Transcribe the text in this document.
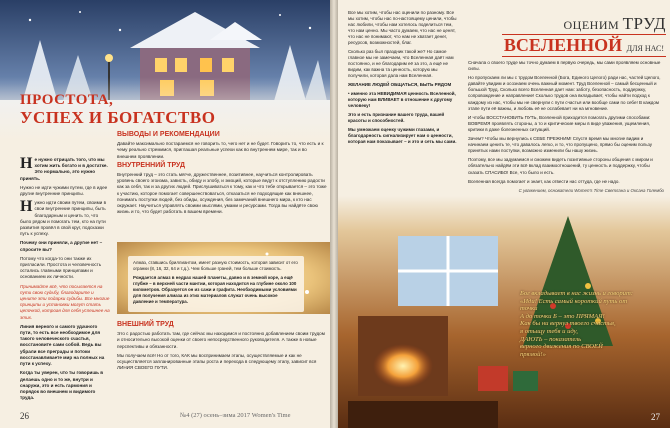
ПРОСТОТА,
УСПЕХ И БОГАТСТВО

Не нужно отрицать того, что мы хотим жить богато и в достатке. Это нормально, это нужно принять.

Нужно не идти чужими путем, где в идее другие внутренние принципы.

Нужно идти своим путем, своими в свои внутренние принципы, быть благодарным и ценить то, что было рядом и помогать тем, кто на пути развития провёл в свой круг, подсказки путь к успеху.

Почему они приняли, а другие нет – спросите вы?

Потому что когда-то они также их пригласили. Простота и человечность остались главными принципами и основанием их личности.

Принимайте всё, что посылается на пути свою судьбу, благодарите и цените эти подарки судьбы. Все многие принципы и установки могут стать цепочкой, котроая для себя успешнее на этих.

Линия верного и самого удачного пути, то есть все необходимое для такого человеческого счастья, восстановите сами собой. Ведь вы убрали все преграды и потоки восстанавливаете мир на полных на пути к успеху.

Когда ты уверен, что ты говоришь в делаешь одно и то же, внутри и снаружи, это и есть гармония и порядок во внешнем и видимого труда.

ВЫВОДЫ И РЕКОМЕНДАЦИИ

Давайте максимально постараемся не говорить то, чего нет и не будет. Говорить то, что есть и к чему реально стремимся, приглашая реальные успехи как во внутреннем мире, так и во внешнем проявлении.

ВНУТРЕННИЙ ТРУД

Внутренний труд – это стать мягче, дружественнее, позитивнее, научиться контролировать уровень своего эгоизма, зависть, обиду и злобу, и эмоций, которые ведут к отступлению радости как за себя, так и за других людей. Прислушиваться к тому, как и что тебе открывается – это тоже к участию, которое помогает совершенствоваться, отказаться не подходящие как внешнее, понимать поступки людей, без обиды, осуждения, без замечаний внешнего мира, к кто нас окружает. Научиться управлять своими мыслями, умами и ресурсами. Тогда вы найдёте свою жизнь и то, что будет работать в вашем времени.

Алмаз, ставшись бриллиантом, имеет разную стоимость, которая зависит от его огранки (8, 16, 32, 64 и т.д.). Чем больше граней, тем больше стоимость.

Рождается алмаз в недрах нашей планеты, давно и в земной коре, а ещё глубже – в верхней части мантии, которая находится на глубине около 100 километров. Образуется он из сажи и графита. Необходимыми условиями для получения алмаза из этих материалов служат очень высокое давление и температура.

ВНЕШНИЙ ТРУД

Это с радостью работать там, где сейчас мы находимся и постоянно добавлением своим трудом и относительно высокой оценки от своего непосредственного руководителя. А также в новые перспективы и обязанности.

Мы получаем всё! Но от того, КАК мы воспринимаем этапы, осуществляемые и как не осуществляется запланированные этапы роста и перехода в следующему этапу, зависит вся ЛИНИЯ СВОЕГО ПУТИ.

26	№4 (27) осень–зима 2017 Women's Time

Все мы хотим, чтобы нас оценили по разному. Все мы хотим, чтобы нас по-настоящему ценили, чтобы нас любили, чтобы нам хотелось поделиться тем, что нам ценно. Мы часто думаем, что нас не ценят, что нас не понимают, что нам не хватает денег, ресурсов, возможностей, благ.

Сколько раз был праздник такой же? Но самое главное мы не замечаем, что Вселенная даёт нам постоянно, и не благодарим её за это, а ещё не видим, как важна та ценность, которую мы получили, которая дала нам Вселенная.

ЖЕЛАНИЕ ЛЮДЕЙ ОБЩАТЬСЯ, БЫТЬ РЯДОМ

• именно эта НЕВИДИМАЯ ценность Вселенной, которую нам ВЛИВАЕТ в отношение к другому человеку!

Это и есть признание вашего труда, вашей красоты и способностей.

Мы умножаем оценку чужими глазами, и благодарность сигнализирует нам о ценности, которая нам показывает – и это и сеть мы сами.

ОЦЕНИМ ТРУД
ВСЕЛЕННОЙ ДЛЯ НАС!

Сначала о своего труде мы точно думаем в первую очередь, мы сами проявляем основные силы.

Но пропускаем ли мы с трудом Вселенной (Бога, Единого Целого) ради нас, частей Целого, давайте увидим и осознаем очень важный момент. Труд Вселенной – самый бесценный и большой Труд. Сколько всего Вселенная дает нам: заботу, безопасность, поддержку, сопровождение и направление! Сколько трудов она вкладывает, чтобы найти подход к каждому из нас, чтобы мы не свернули с пути счастья или вообще сами по себе! В каждом этапе пути её важны, и любовь её не ослабевает ни на мгновение.

И чтобы ВОССТАНОВИТЬ ПУТЬ, Вселенной приходится помогать другими способами: ВОВРЕМЯ проявлять стороны, а то и критические меры в виде уважения, ущемления, критики в даже болезненных ситуаций.

Зачем? Чтобы мы вернулись к СЕБЕ ПРЕЖНИМ! Спустя время мы многие видим и начинаем ценить те, что давалось легко, и то, что пропущено, прямо бы оценим пользу принятых нами поступки, возможно изменили бы нашу жизнь.

Поэтому, все мы задумаемся и сможем видеть позитивные стороны общения с миром и обязательно найдём эти всё вклад взаимоотношений, ту ценность и поддержку, чтобы сказать СПАСИБО! Все, что было и есть.

Вселенная всегда помогает и знает, как отвести нас оттуда, где не надо.

С уважением, основатели Women's Time Светлана и Оксана Голембо

Бог вкладывает в нас жизнь и говорит:
«Иди! Есть самый короткий путь от точки
А до точки Б – это ПРЯМАЯ!
Как бы ни вернул твоего счастья,
я отыщу тебя и иду,
ДАЮТЬ – показатель
верного движения по СВОЕЙ
прямой!»
27
